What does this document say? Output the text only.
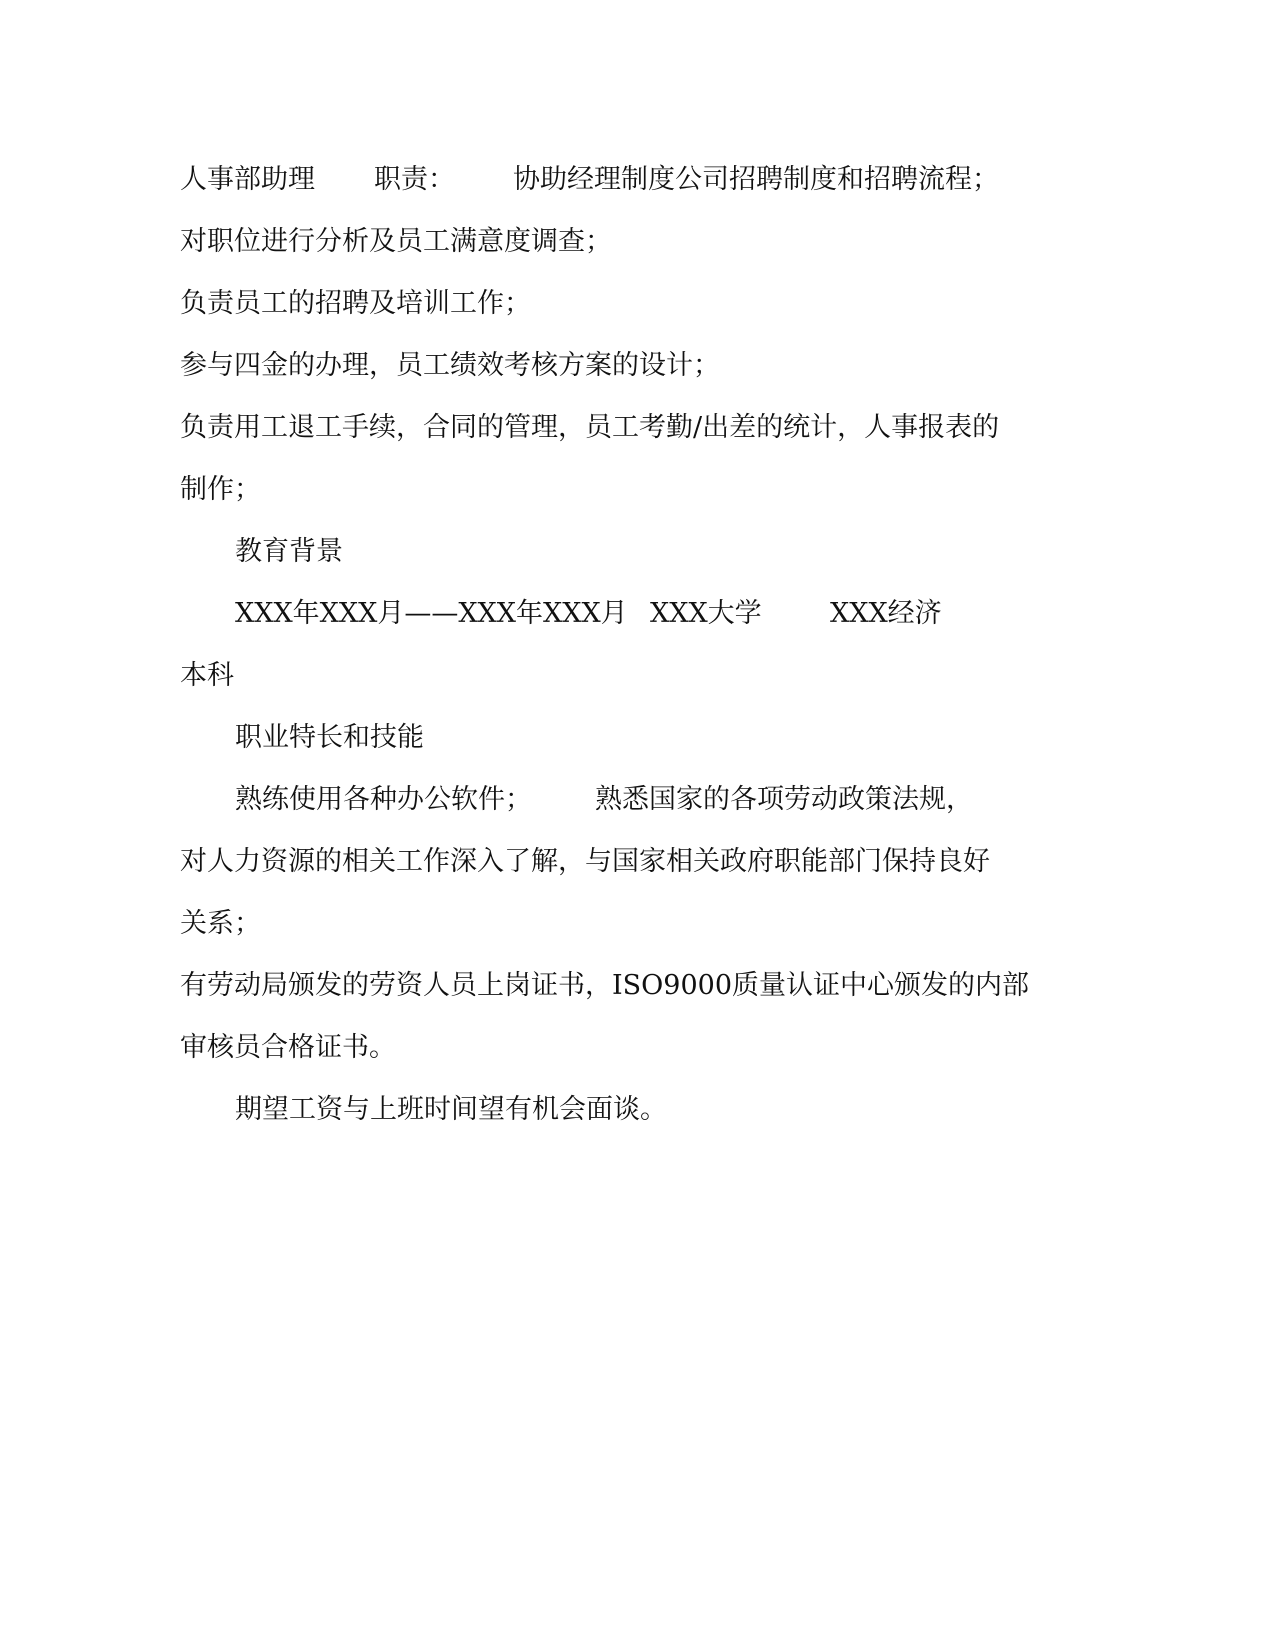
人事部助理 职责： 协助经理制度公司招聘制度和招聘流程；
对职位进行分析及员工满意度调查；
负责员工的招聘及培训工作；
参与四金的办理，员工绩效考核方案的设计；
负责用工退工手续，合同的管理，员工考勤/出差的统计，人事报表的
制作；
教育背景
XXX年XXX月——XXX年XXX月 XXX大学	XXX经济
本科
职业特长和技能
熟练使用各种办公软件； 熟悉国家的各项劳动政策法规，
对人力资源的相关工作深入了解，与国家相关政府职能部门保持良好
关系；
有劳动局颁发的劳资人员上岗证书，ISO9000质量认证中心颁发的内部
审核员合格证书。
期望工资与上班时间望有机会面谈。
